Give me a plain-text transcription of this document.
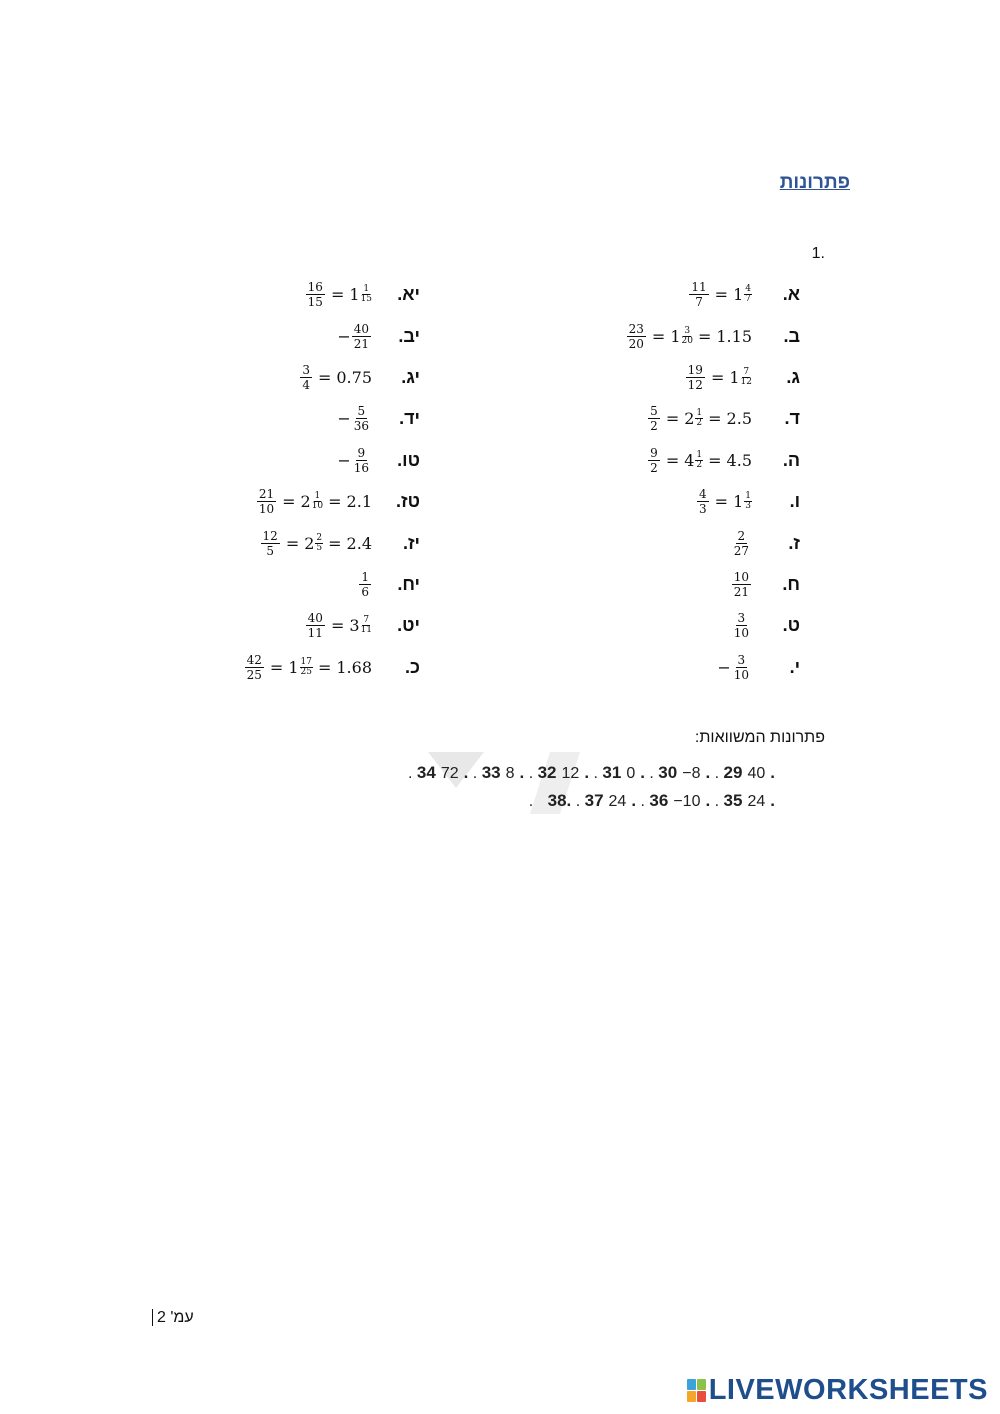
פתרונות
1.
א.
$\frac{11}{7} = 1 \frac{4}{7}$
ב.
$\frac{23}{20} = 1 \frac{3}{20} = 1.15$
ג.
$\frac{19}{12} = 1 \frac{7}{12}$
ד.
$\frac{5}{2} = 2 \frac{1}{2} = 2.5$
ה.
$\frac{9}{2} = 4 \frac{1}{2} = 4.5$
ו.
$\frac{4}{3} = 1 \frac{1}{3}$
ז.
$\frac{2}{27}$
ח.
$\frac{10}{21}$
ט.
$\frac{3}{10}$
י.
− $\frac{3}{10}$
יא.
$\frac{16}{15} = 1 \frac{1}{15}$
יב.
− $\frac{40}{21}$
יג.
$\frac{3}{4} = 0.75$
יד.
− $\frac{5}{36}$
טו.
− $\frac{9}{16}$
טז.
$\frac{21}{10} = 2 \frac{1}{10} = 2.1$
יז.
$\frac{12}{5} = 2 \frac{2}{5} = 2.4$
יח.
$\frac{1}{6}$
יט.
$\frac{40}{11} = 3 \frac{7}{11}$
כ.
$\frac{42}{25} = 1 \frac{17}{25} = 1.68$
פתרונות המשוואות:
.2940 . .30−8 . .310 . .3212 . .338 . .3472 .
.3524 . .36−10 . .3724 . .38 .
עמ' 2
LIVEWORKSHEETS
